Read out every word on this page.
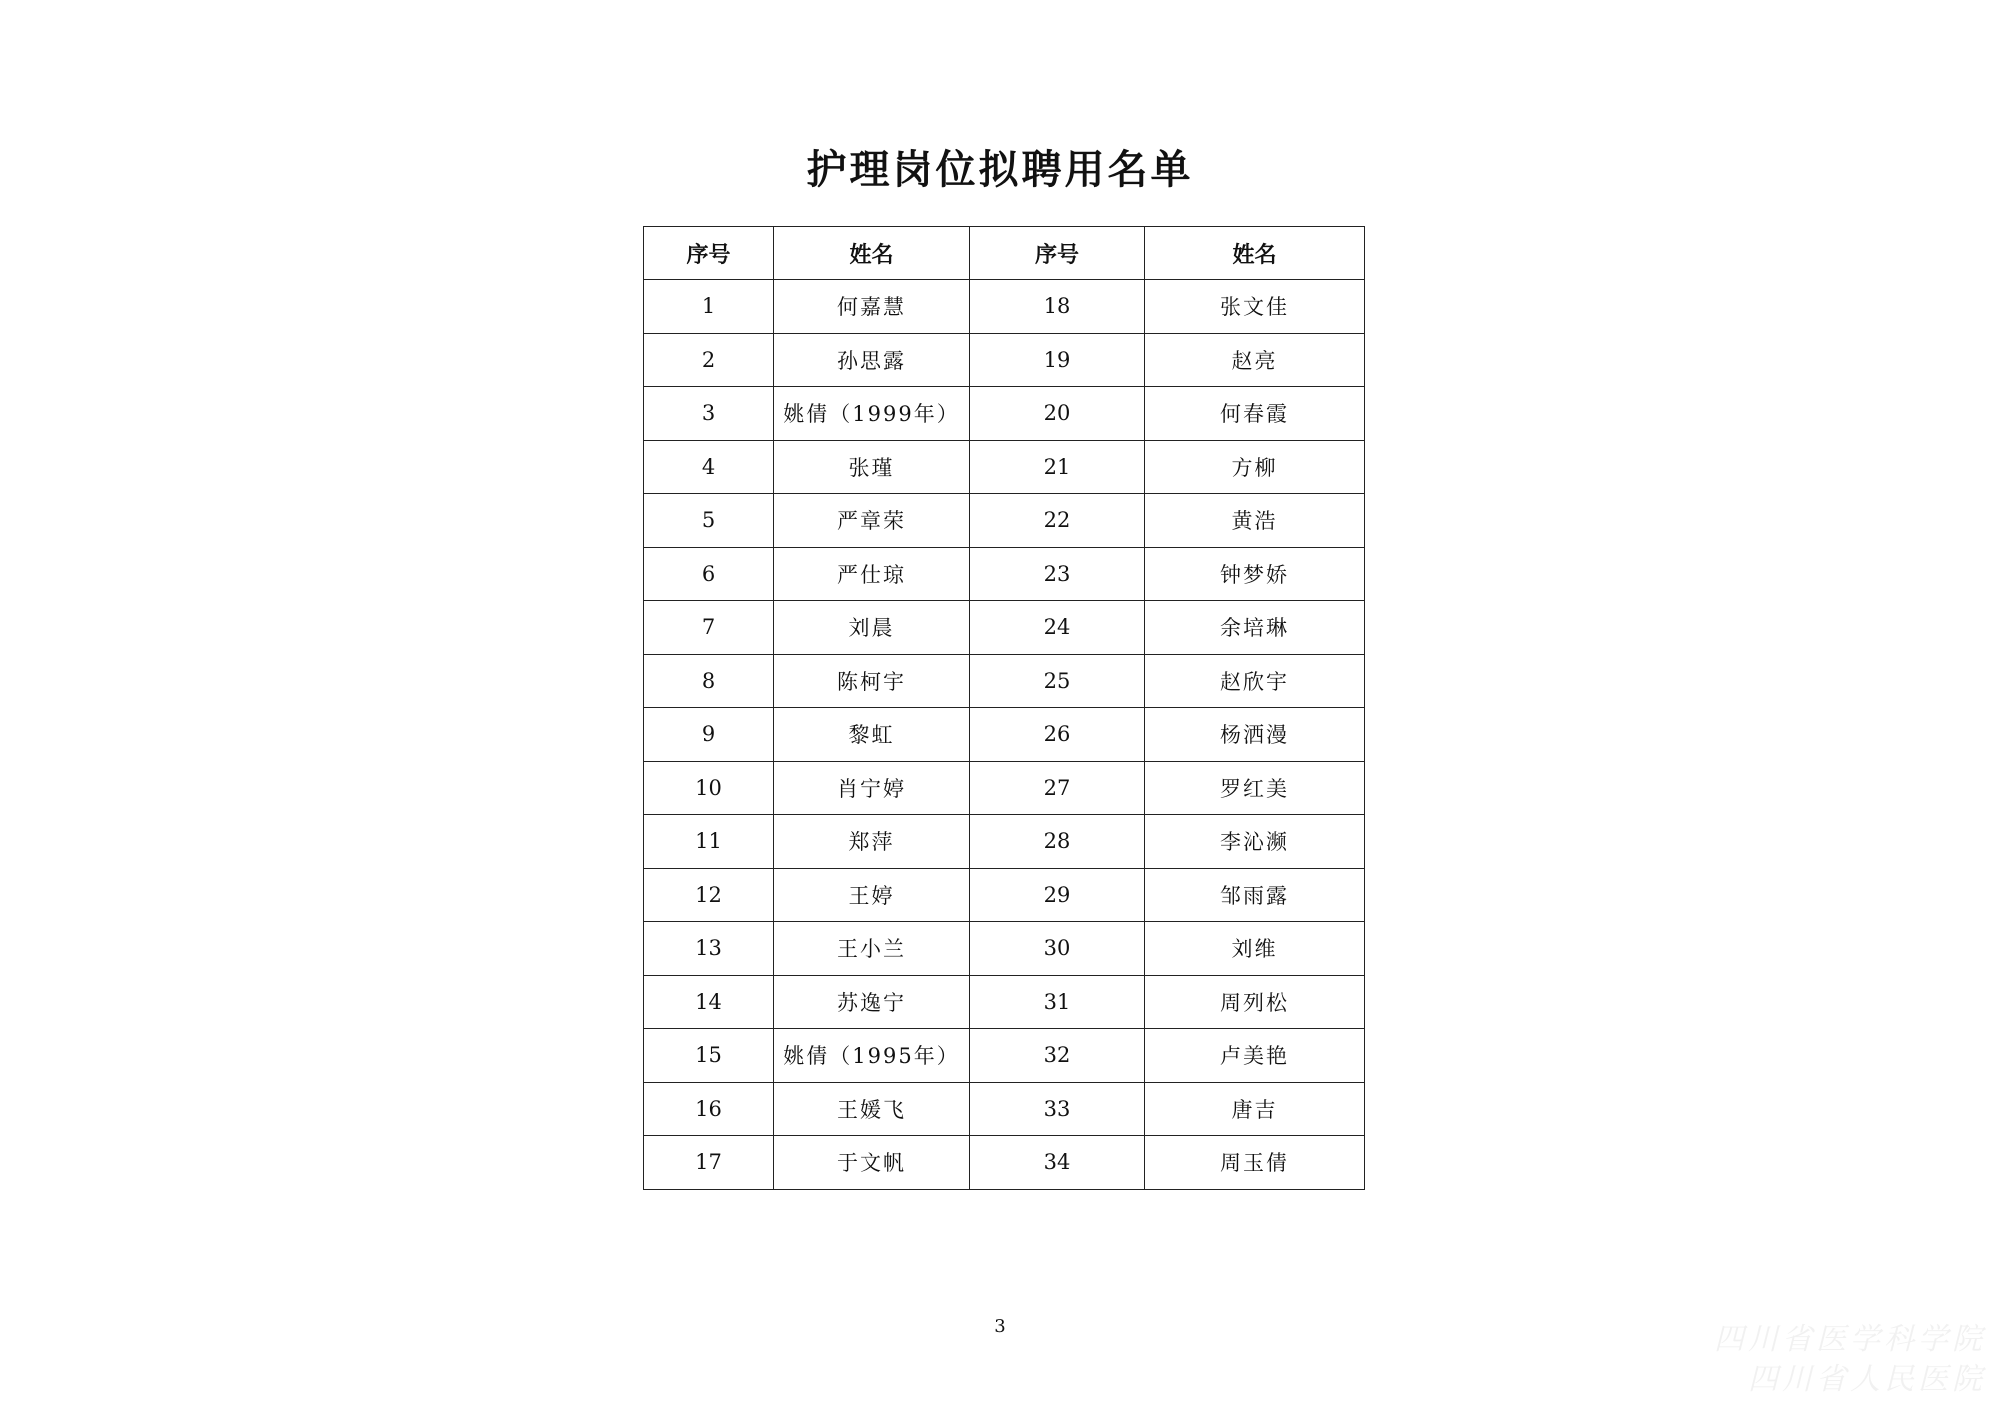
护理岗位拟聘用名单
序号	姓名	序号	姓名
1	何嘉慧	18	张文佳
2	孙思露	19	赵亮
3	姚倩（1999年）	20	何春霞
4	张瑾	21	方柳
5	严章荣	22	黄浩
6	严仕琼	23	钟梦娇
7	刘晨	24	余培琳
8	陈柯宇	25	赵欣宇
9	黎虹	26	杨洒漫
10	肖宁婷	27	罗红美
11	郑萍	28	李沁濒
12	王婷	29	邹雨露
13	王小兰	30	刘维
14	苏逸宁	31	周列松
15	姚倩（1995年）	32	卢美艳
16	王媛飞	33	唐吉
17	于文帆	34	周玉倩
3	四川省医学科学院
四川省人民医院
